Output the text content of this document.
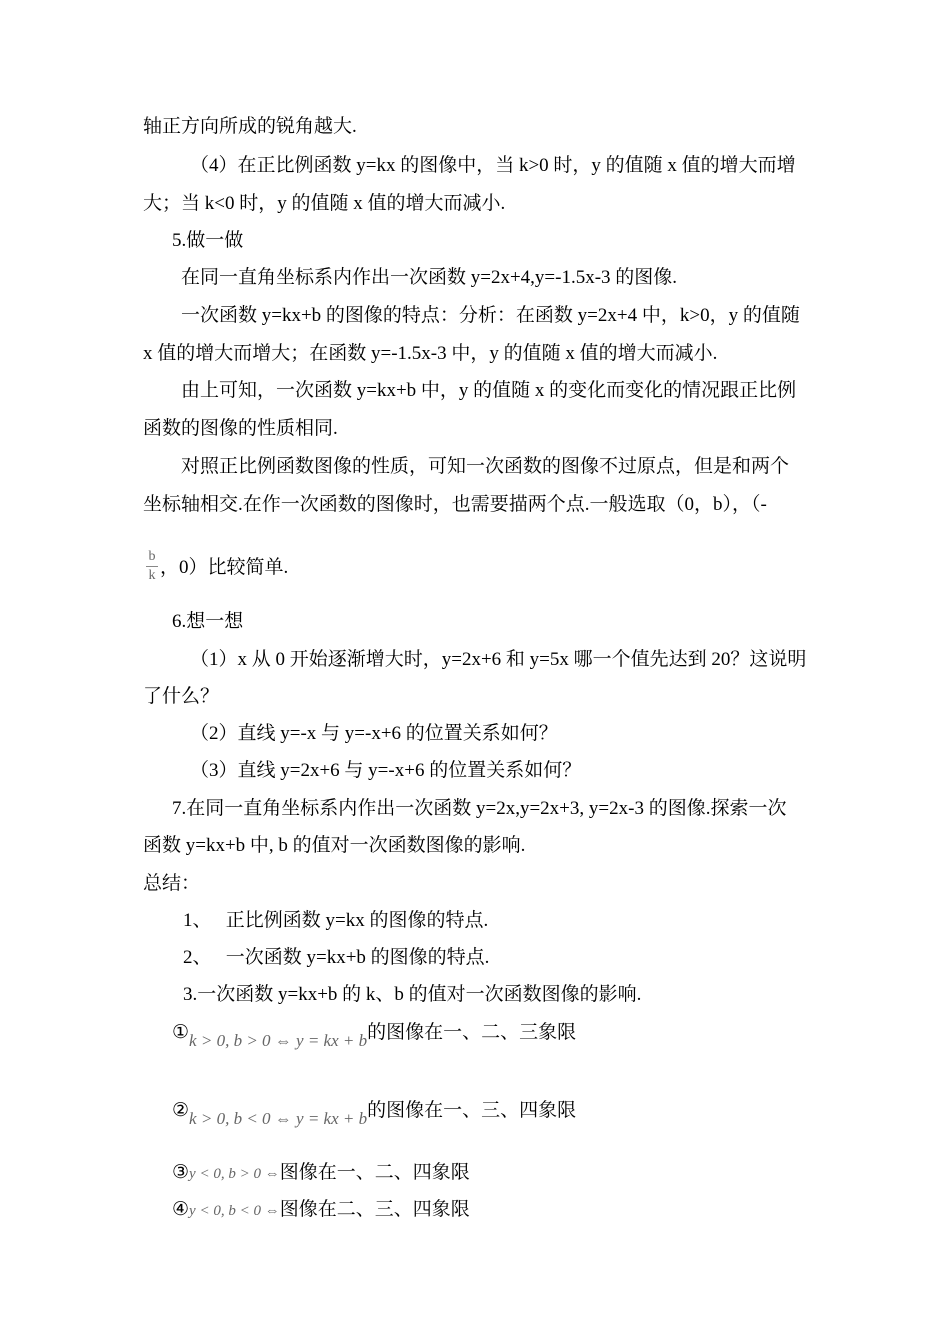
轴正方向所成的锐角越大.
（4）在正比例函数 y=kx 的图像中，当 k>0 时，y 的值随 x 值的增大而增
大；当 k<0 时，y 的值随 x 值的增大而减小.
5.做一做
在同一直角坐标系内作出一次函数 y=2x+4,y=-1.5x-3 的图像.
一次函数 y=kx+b 的图像的特点：分析：在函数 y=2x+4 中，k>0，y 的值随
x 值的增大而增大；在函数 y=-1.5x-3 中，y 的值随 x 值的增大而减小.
由上可知，一次函数 y=kx+b 中，y 的值随 x 的变化而变化的情况跟正比例
函数的图像的性质相同.
对照正比例函数图像的性质，可知一次函数的图像不过原点，但是和两个
坐标轴相交.在作一次函数的图像时，也需要描两个点.一般选取（0，b），（-
b
k ，0）比较简单.
6.想一想
（1）x 从 0 开始逐渐增大时，y=2x+6 和 y=5x 哪一个值先达到 20？这说明
了什么？
（2）直线 y=-x 与 y=-x+6 的位置关系如何？
（3）直线 y=2x+6 与 y=-x+6 的位置关系如何？
7.在同一直角坐标系内作出一次函数 y=2x,y=2x+3, y=2x-3 的图像.探索一次
函数 y=kx+b 中, b 的值对一次函数图像的影响.
总结：
1、　 正比例函数 y=kx 的图像的特点.
2、　 一次函数 y=kx+b 的图像的特点.
3.一次函数 y=kx+b 的 k、b 的值对一次函数图像的影响.
①k > 0, b > 0 ⇔ y = kx + b的图像在一、二、三象限
②k > 0, b < 0 ⇔ y = kx + b的图像在一、三、四象限
③y < 0, b > 0 ⇔图像在一、二、四象限
④y < 0, b < 0 ⇔图像在二、三、四象限
